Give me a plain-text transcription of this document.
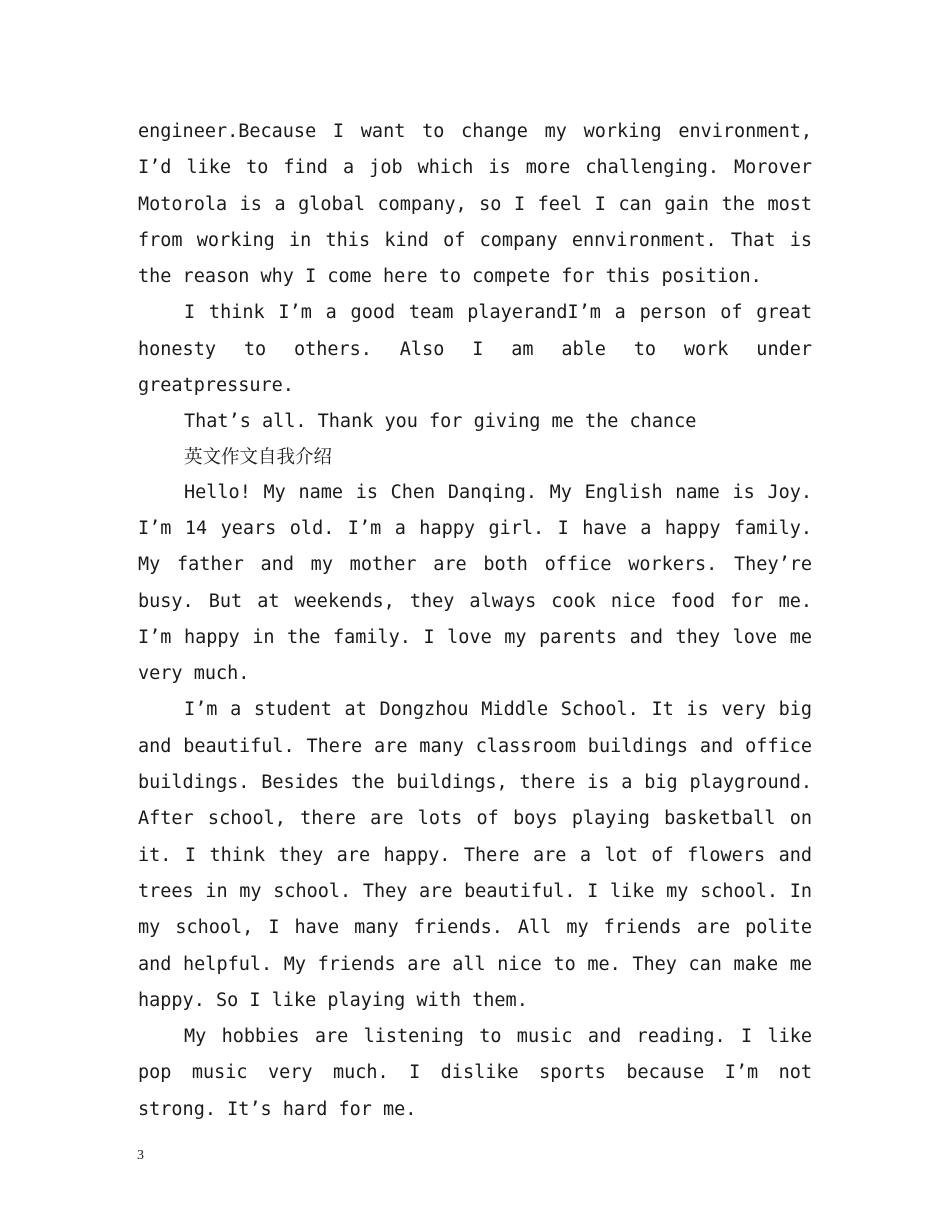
engineer.Because I want to change my working environment, I’d like to find a job which is more challenging. Morover Motorola is a global company, so I feel I can gain the most from working in this kind of company ennvironment. That is the reason why I come here to compete for this position.

I think I’m a good team playerandI’m a person of great honesty to others. Also I am able to work under greatpressure.

That’s all. Thank you for giving me the chance

英文作文自我介绍

Hello! My name is Chen Danqing. My English name is Joy. I’m 14 years old. I’m a happy girl. I have a happy family. My father and my mother are both office workers. They’re busy. But at weekends, they always cook nice food for me. I’m happy in the family. I love my parents and they love me very much.

I’m a student at Dongzhou Middle School. It is very big and beautiful. There are many classroom buildings and office buildings. Besides the buildings, there is a big playground. After school, there are lots of boys playing basketball on it. I think they are happy. There are a lot of flowers and trees in my school. They are beautiful. I like my school. In my school, I have many friends. All my friends are polite and helpful. My friends are all nice to me. They can make me happy. So I like playing with them.

My hobbies are listening to music and reading. I like pop music very much. I dislike sports because I’m not strong. It’s hard for me.

3
